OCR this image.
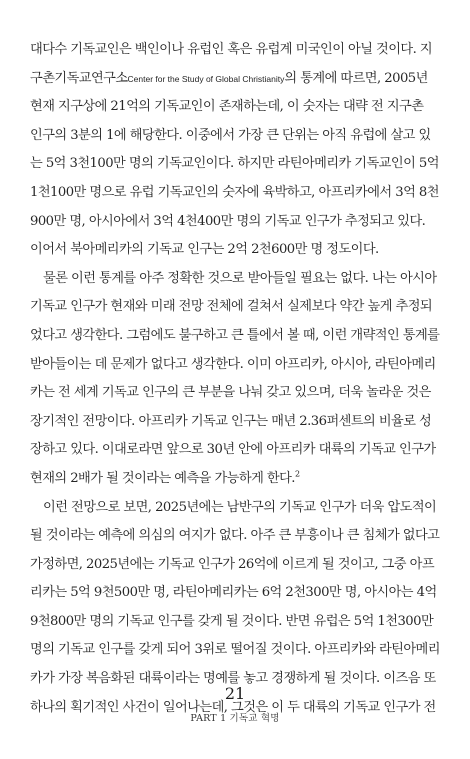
대다수 기독교인은 백인이나 유럽인 혹은 유럽계 미국인이 아닐 것이다. 지
구촌기독교연구소Center for the Study of Global Christianity의 통계에 따르면, 2005년
현재 지구상에 21억의 기독교인이 존재하는데, 이 숫자는 대략 전 지구촌
인구의 3분의 1에 해당한다. 이중에서 가장 큰 단위는 아직 유럽에 살고 있
는 5억 3천100만 명의 기독교인이다. 하지만 라틴아메리카 기독교인이 5억
1천100만 명으로 유럽 기독교인의 숫자에 육박하고, 아프리카에서 3억 8천
900만 명, 아시아에서 3억 4천400만 명의 기독교 인구가 추정되고 있다.
이어서 북아메리카의 기독교 인구는 2억 2천600만 명 정도이다.
물론 이런 통계를 아주 정확한 것으로 받아들일 필요는 없다. 나는 아시아
기독교 인구가 현재와 미래 전망 전체에 걸쳐서 실제보다 약간 높게 추정되
었다고 생각한다. 그럼에도 불구하고 큰 틀에서 볼 때, 이런 개략적인 통계를
받아들이는 데 문제가 없다고 생각한다. 이미 아프리카, 아시아, 라틴아메리
카는 전 세계 기독교 인구의 큰 부분을 나눠 갖고 있으며, 더욱 놀라운 것은
장기적인 전망이다. 아프리카 기독교 인구는 매년 2.36퍼센트의 비율로 성
장하고 있다. 이대로라면 앞으로 30년 안에 아프리카 대륙의 기독교 인구가
현재의 2배가 될 것이라는 예측을 가능하게 한다.$^2$
이런 전망으로 보면, 2025년에는 남반구의 기독교 인구가 더욱 압도적이
될 것이라는 예측에 의심의 여지가 없다. 아주 큰 부흥이나 큰 침체가 없다고
가정하면, 2025년에는 기독교 인구가 26억에 이르게 될 것이고, 그중 아프
리카는 5억 9천500만 명, 라틴아메리카는 6억 2천300만 명, 아시아는 4억
9천800만 명의 기독교 인구를 갖게 될 것이다. 반면 유럽은 5억 1천300만
명의 기독교 인구를 갖게 되어 3위로 떨어질 것이다. 아프리카와 라틴아메리
카가 가장 복음화된 대륙이라는 명예를 놓고 경쟁하게 될 것이다. 이즈음 또
하나의 획기적인 사건이 일어나는데, 그것은 이 두 대륙의 기독교 인구가 전
21
PART 1 기독교 혁명
